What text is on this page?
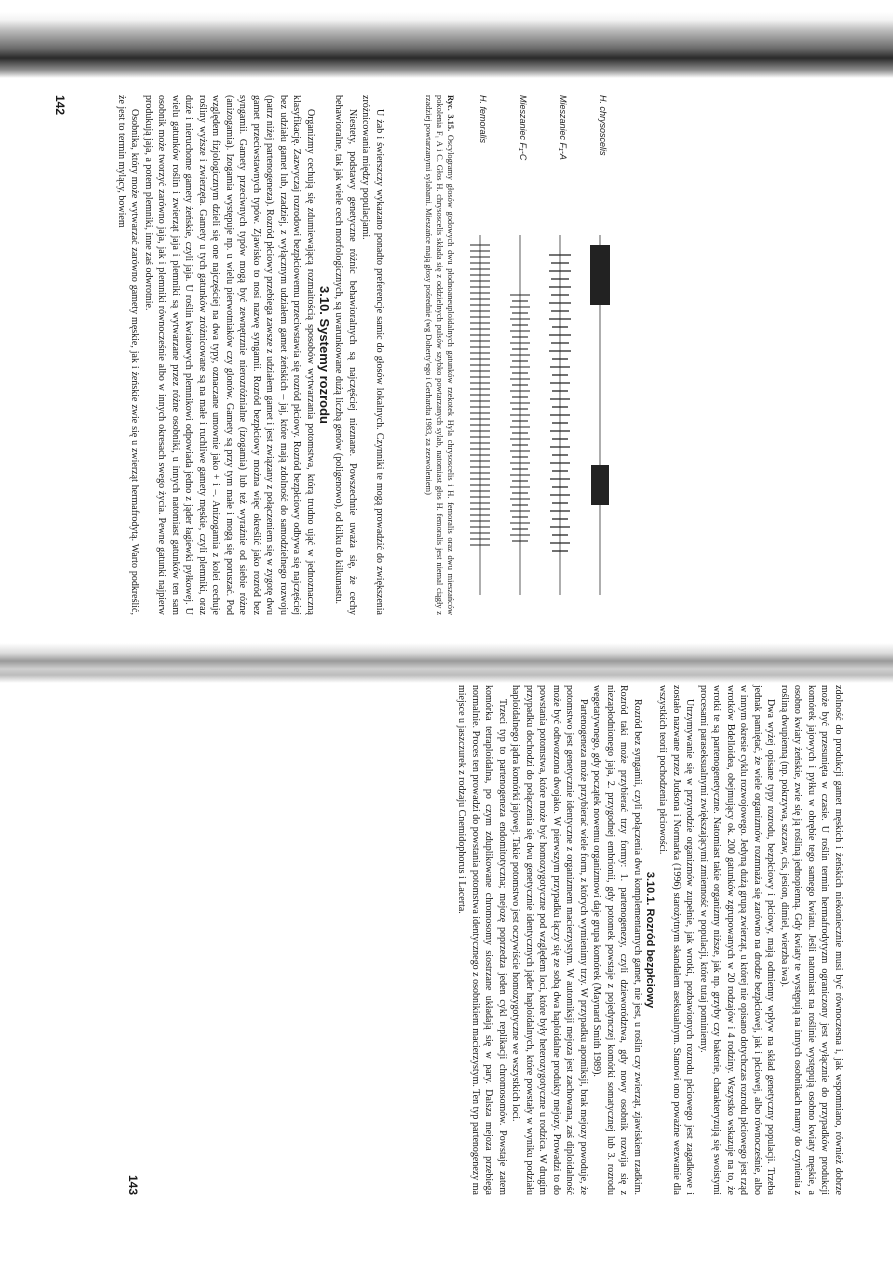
H. chrysoscelis
Mieszaniec F₁-A
Mieszaniec F₁-C
H. femoralis
Ryc. 3.15. Oscylogramy głosów godowych dwu płodnoaneuploidalnych gatunków rzekotek Hyla chrysoscelis i H. femoralis oraz dwu mieszańców pokolenia F₁ A i C. Głos H. chrysoscelis składa się z oddzielnych pulsów szybko powtarzanych sylab, natomiast głos H. femoralis jest niemal ciągły z rzadziej powtarzanymi sylabami. Mieszańce mają głosy pośrednie (wg Doherty'ego i Gerhardta 1983, za zezwoleniem)

U żab i świerszczy wykazano ponadto preferencje samic do głosów lokalnych. Czynniki te mogą prowadzić do zwiększenia zróżnicowania między populacjami.

Niestety, podstawy genetyczne różnic behawioralnych są najczęściej nieznane. Powszechnie uważa się, że cechy behawioralne, tak jak wiele cech morfologicznych, są uwarunkowane dużą liczbą genów (poligenowo), od kilku do kilkunastu.

3.10. Systemy rozrodu

Organizmy cechują się zdumiewającą rozmaitością sposobów wytwarzania potomstwa, którą trudno ująć w jednoznaczną klasyfikację. Zazwyczaj rozrodowi bezpłciowemu przeciwstawia się rozród płciowy. Rozród bezpłciowy odbywa się najczęściej bez udziału gamet lub, rzadziej, z wyłącznym udziałem gamet żeńskich – jaj, które mają zdolność do samodzielnego rozwoju (patrz niżej partenogeneza). Rozród płciowy przebiega zawsze z udziałem gamet i jest związany z połączeniem się w zygotę dwu gamet przeciwstawnych typów. Zjawisko to nosi nazwę syngamii. Rozród bezpłciowy można więc określić jako rozród bez syngamii. Gamety przeciwnych typów mogą być zewnętrznie nierozróżnialne (izogamia) lub też wyraźnie od siebie różne (anizogamia). Izogamia występuje np. u wielu pierwotniaków czy glonów. Gamety są przy tym małe i mogą się poruszać. Pod względem fizjologicznym dzieli się one najczęściej na dwa typy, oznaczane umownie jako + i –. Anizogamia z kolei cechuje rośliny wyższe i zwierzęta. Gamety u tych gatunków zróżnicowane są na małe i ruchliwe gamety męskie, czyli plemniki, oraz duże i nieruchome gamety żeńskie, czyli jaja. U roślin kwiatowych plemnikowi odpowiada jedno z jąder łagiewki pyłkowej. U wielu gatunków roślin i zwierząt jaja i plemniki są wytwarzane przez różne osobniki, u innych natomiast gatunków ten sam osobnik może tworzyć zarówno jaja, jak i plemniki równocześnie albo w innych okresach swego życia. Pewne gatunki najpierw produkują jaja, a potem plemniki, inne zaś odwrotnie.

Osobnika, który może wytwarzać zarówno gamety męskie, jak i żeńskie zwie się u zwierząt hermafrodytą. Warto podkreślić, że jest to termin mylący, bowiem

142

zdolność do produkcji gamet męskich i żeńskich niekoniecznie musi być równoczesna i, jak wspomniano, również dobrze może być przesunięta w czasie. U roślin termin hermafrodytyzm ograniczony jest wyłącznie do przypadków produkcji komórek jajowych i pyłku w obrębie tego samego kwiatu. Jeśli natomiast na roślinie występują osobno kwiaty męskie, a osobno kwiaty żeńskie, zwie się ją rośliną jednopienną. Gdy kwiaty te występują na innych osobnikach mamy do czynienia z rośliną dwupienną (np. pokrzywa, szczaw, cis, jesion, dimiel, wierzba iwa).

Dwa wyżej opisane typy rozrodu, bezpłciowy i płciowy, mają odmienny wpływ na skład genetyczny populacji. Trzeba jednak pamiętać, że wiele organizmów rozmnaża się zarówno na drodze bezpłciowej, jak i płciowej, albo równocześnie, albo w innym okresie cyklu rozwojowego. Jedyną dużą grupą zwierząt, u której nie opisano dotychczas rozrodu płciowego jest rząd wrotków Bdelloidea, obejmujący ok. 200 gatunków zgrupowanych w 20 rodzajów i 4 rodziny. Wszystko wskazuje na to, że wrotki te są partenogenetyczne. Natomiast takie organizmy niższe, jak np. grzyby czy bakterie, charakteryzują się swoistymi procesami paraseksualnymi zwiększającymi zmienność w populacji, które tutaj pominiemy.

Utrzymywanie się w przyrodzie organizmów zupełnie, jak wrotki, pozbawionych rozrodu płciowego jest zagadkowe i zostało nazwane przez Judsona i Normarka (1996) starożytnym skandalem aseksualnym. Stanowi ono poważne wezwanie dla wszystkich teorii pochodzenia płciowości.

3.10.1. Rozród bezpłciowy

Rozród bez syngamii, czyli połączenia dwu komplementarnych gamet, nie jest, u roślin czy zwierząt, zjawiskiem rzadkim. Rozród taki może przybierać trzy formy: 1. partenogenezy, czyli dzieworództwa, gdy nowy osobnik rozwija się z niezapłodnionego jaja, 2. przygodnej embrionii, gdy potomek powstaje z pojedynczej komórki somatycznej lub 3. rozrodu wegetatywnego, gdy początek nowemu organizmowi daje grupa komórek (Maynard Smith 1989).

Partenogeneza może przybierać wiele form, z których wymienimy trzy. W przypadku apomiksji, brak mejozy powoduje, że potomstwo jest genetycznie identyczne z organizmem macierzystym. W automiksji mejoza jest zachowana, zaś diploidalność może być odtworzona dwojako. W pierwszym przypadku łączy się ze sobą dwa haploidalne produkty mejozy. Prowadzi to do powstania potomstwa, które może być homozygotyczne pod względem loci, które były heterozygotyczne u rodzica. W drugim przypadku dochodzi do połączenia się dwu genetycznie identycznych jąder haploidalnych, które powstały w wyniku podziału haploidalnego jądra komórki jajowej. Takie potomstwo jest oczywiście homozygotyczne we wszystkich loci.

Trzeci typ to partenogeneza endomitotyczna; mejozę poprzedza jeden cykl replikacji chromosomów. Powstaje zatem komórka tetraploidalna, po czym zduplikowane chromosomy siostrzane układają się w pary. Dalsza mejoza przebiega normalnie. Proces ten prowadzi do powstania potomstwa identycznego z osobnikiem macierzystym. Ten typ partenogenezy ma miejsce u jaszczurek z rodzaju Cnemidophorus i Lacerta.

143
